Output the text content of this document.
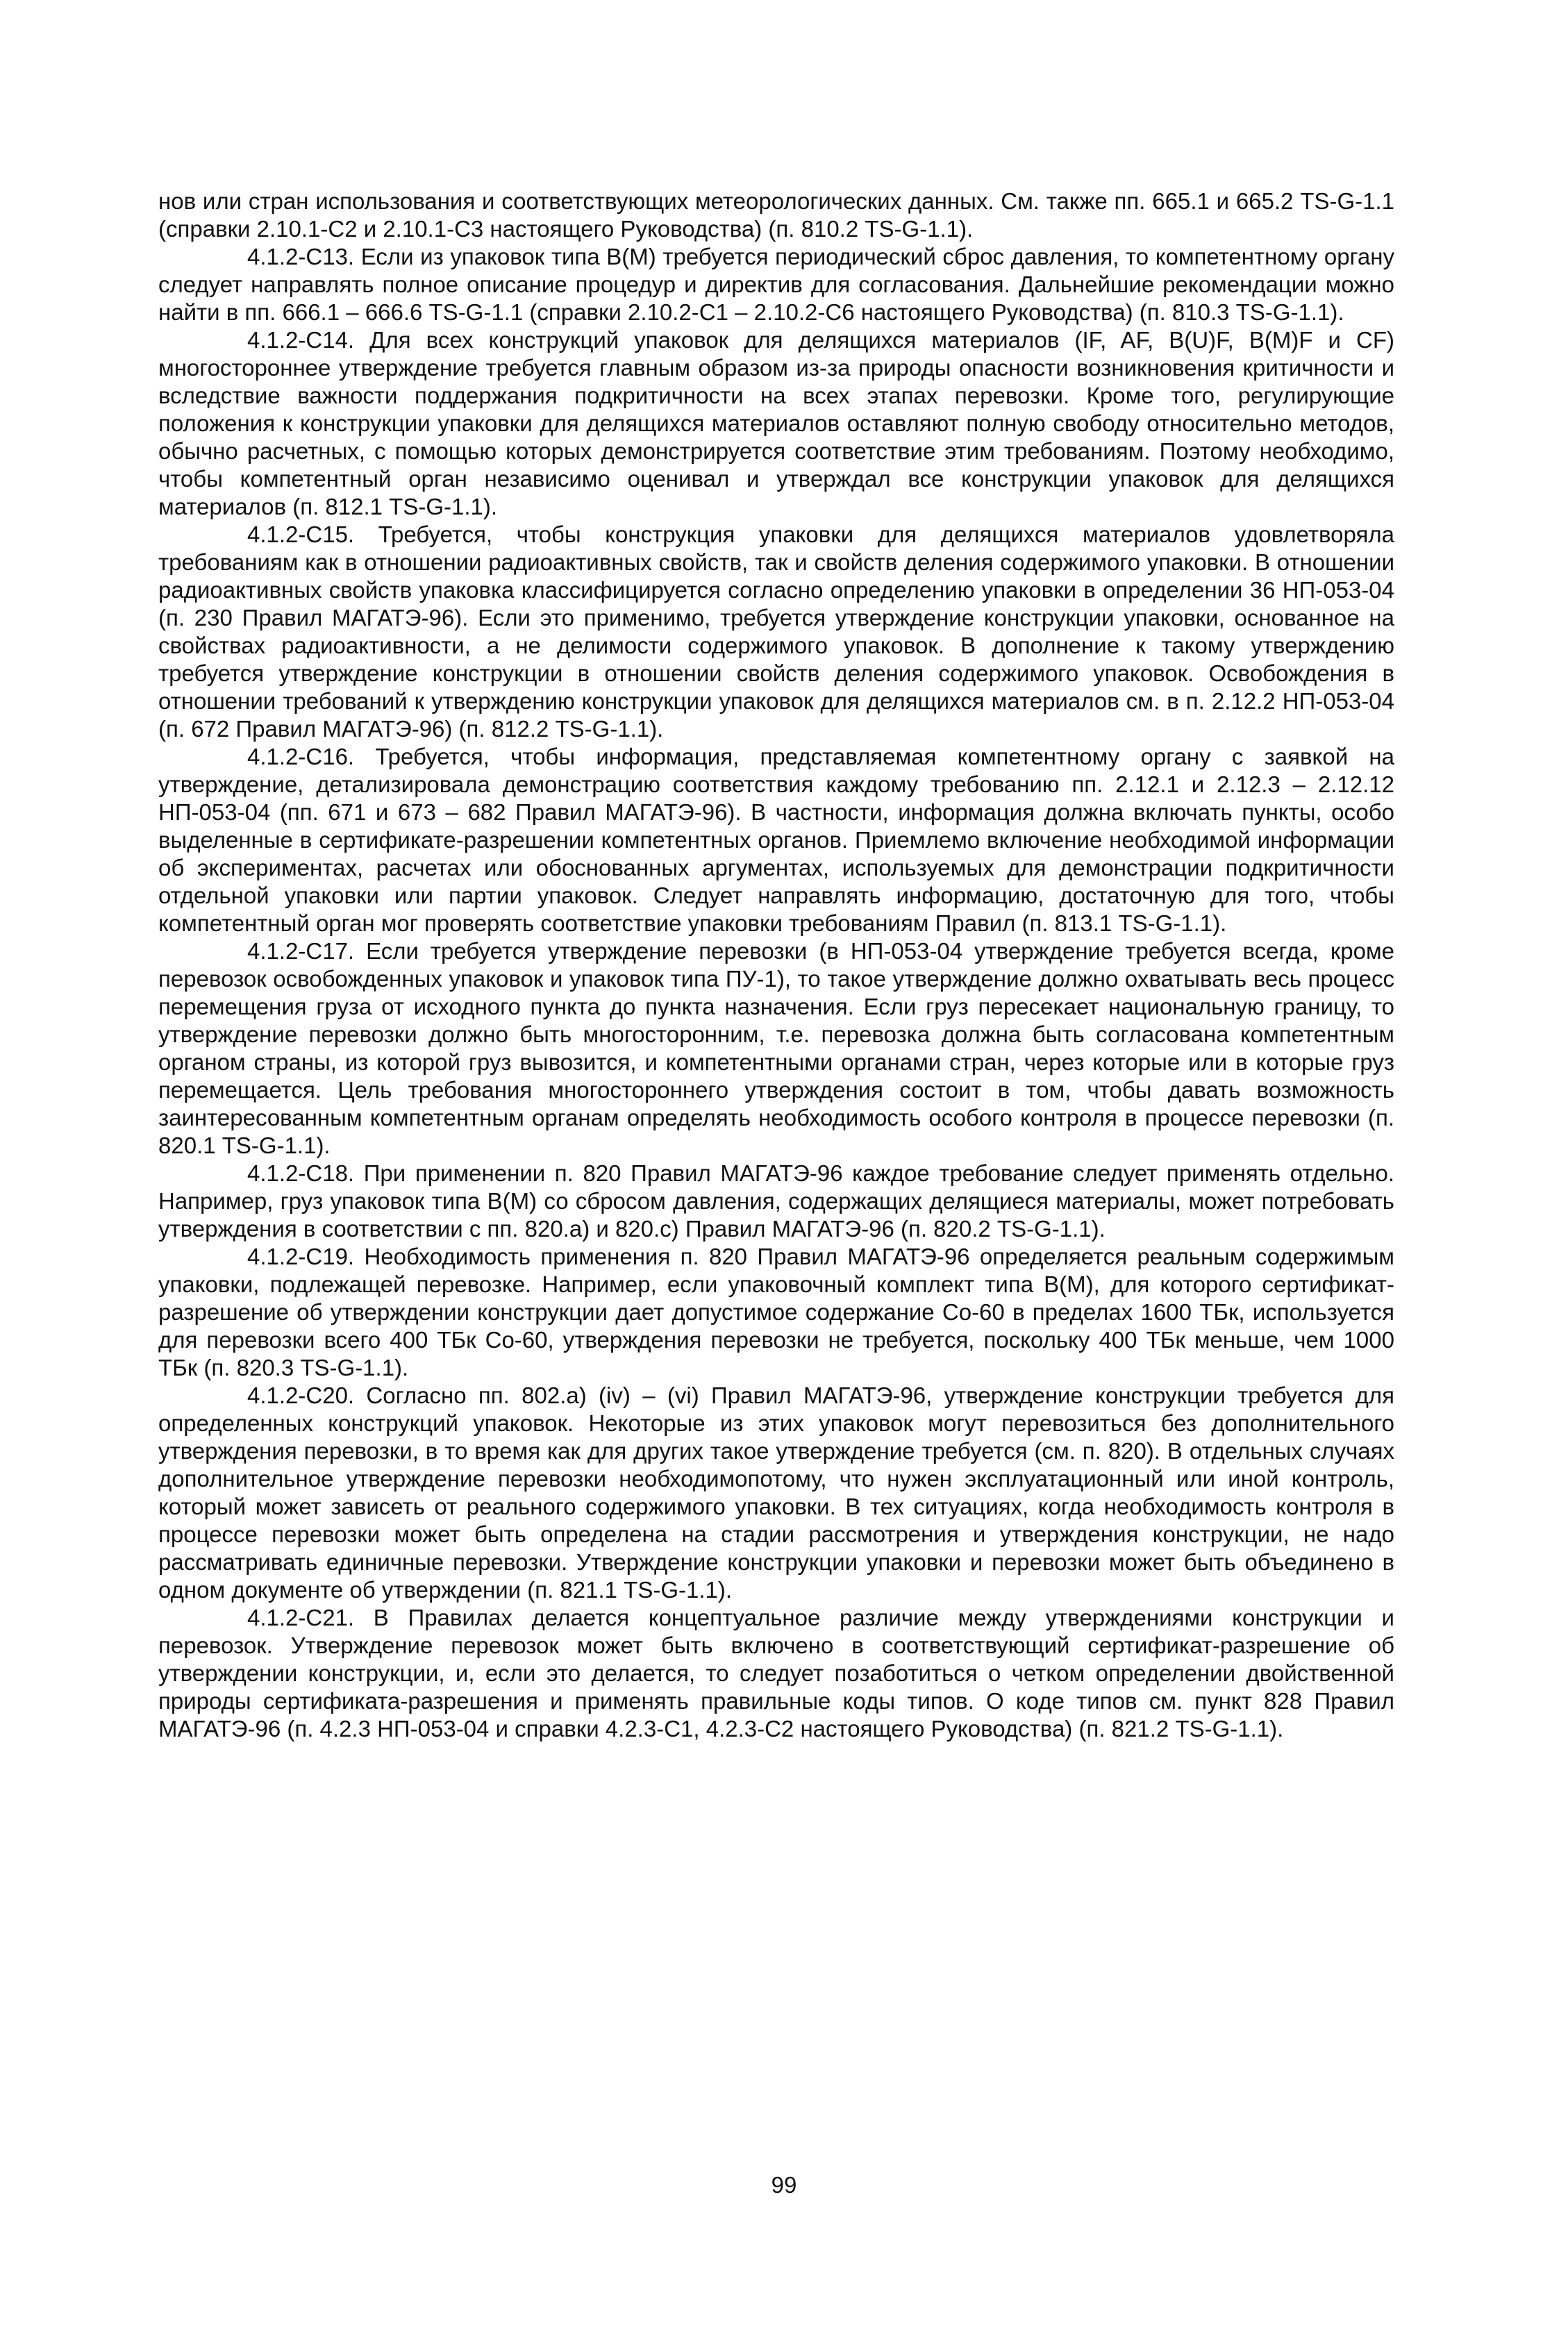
нов или стран использования и соответствующих метеорологических данных. См. также пп. 665.1 и 665.2 TS-G-1.1 (справки 2.10.1-С2 и 2.10.1-С3 настоящего Руководства) (п. 810.2 TS-G-1.1).

4.1.2-С13. Если из упаковок типа В(М) требуется периодический сброс давления, то компетентному органу следует направлять полное описание процедур и директив для согласования. Дальнейшие рекомендации можно найти в пп. 666.1 – 666.6 TS-G-1.1 (справки 2.10.2-С1 – 2.10.2-С6 настоящего Руководства) (п. 810.3 TS-G-1.1).

4.1.2-С14. Для всех конструкций упаковок для делящихся материалов (IF, AF, B(U)F, B(M)F и CF) многостороннее утверждение требуется главным образом из-за природы опасности возникновения критичности и вследствие важности поддержания подкритичности на всех этапах перевозки. Кроме того, регулирующие положения к конструкции упаковки для делящихся материалов оставляют полную свободу относительно методов, обычно расчетных, с помощью которых демонстрируется соответствие этим требованиям. Поэтому необходимо, чтобы компетентный орган независимо оценивал и утверждал все конструкции упаковок для делящихся материалов (п. 812.1 TS-G-1.1).

4.1.2-С15. Требуется, чтобы конструкция упаковки для делящихся материалов удовлетворяла требованиям как в отношении радиоактивных свойств, так и свойств деления содержимого упаковки. В отношении радиоактивных свойств упаковка классифицируется согласно определению упаковки в определении 36 НП-053-04 (п. 230 Правил МАГАТЭ-96). Если это применимо, требуется утверждение конструкции упаковки, основанное на свойствах радиоактивности, а не делимости содержимого упаковок. В дополнение к такому утверждению требуется утверждение конструкции в отношении свойств деления содержимого упаковок. Освобождения в отношении требований к утверждению конструкции упаковок для делящихся материалов см. в п. 2.12.2 НП-053-04 (п. 672 Правил МАГАТЭ-96) (п. 812.2 TS-G-1.1).

4.1.2-С16. Требуется, чтобы информация, представляемая компетентному органу с заявкой на утверждение, детализировала демонстрацию соответствия каждому требованию пп. 2.12.1 и 2.12.3 – 2.12.12 НП-053-04 (пп. 671 и 673 – 682 Правил МАГАТЭ-96). В частности, информация должна включать пункты, особо выделенные в сертификате-разрешении компетентных органов. Приемлемо включение необходимой информации об экспериментах, расчетах или обоснованных аргументах, используемых для демонстрации подкритичности отдельной упаковки или партии упаковок. Следует направлять информацию, достаточную для того, чтобы компетентный орган мог проверять соответствие упаковки требованиям Правил (п. 813.1 TS-G-1.1).

4.1.2-С17. Если требуется утверждение перевозки (в НП-053-04 утверждение требуется всегда, кроме перевозок освобожденных упаковок и упаковок типа ПУ-1), то такое утверждение должно охватывать весь процесс перемещения груза от исходного пункта до пункта назначения. Если груз пересекает национальную границу, то утверждение перевозки должно быть многосторонним, т.е. перевозка должна быть согласована компетентным органом страны, из которой груз вывозится, и компетентными органами стран, через которые или в которые груз перемещается. Цель требования многостороннего утверждения состоит в том, чтобы давать возможность заинтересованным компетентным органам определять необходимость особого контроля в процессе перевозки (п. 820.1 TS-G-1.1).

4.1.2-С18. При применении п. 820 Правил МАГАТЭ-96 каждое требование следует применять отдельно. Например, груз упаковок типа В(М) со сбросом давления, содержащих делящиеся материалы, может потребовать утверждения в соответствии с пп. 820.а) и 820.с) Правил МАГАТЭ-96 (п. 820.2 TS-G-1.1).

4.1.2-С19. Необходимость применения п. 820 Правил МАГАТЭ-96 определяется реальным содержимым упаковки, подлежащей перевозке. Например, если упаковочный комплект типа В(М), для которого сертификат-разрешение об утверждении конструкции дает допустимое содержание Со-60 в пределах 1600 ТБк, используется для перевозки всего 400 ТБк Со-60, утверждения перевозки не требуется, поскольку 400 ТБк меньше, чем 1000 ТБк (п. 820.3 TS-G-1.1).

4.1.2-С20. Согласно пп. 802.а) (iv) – (vi) Правил МАГАТЭ-96, утверждение конструкции требуется для определенных конструкций упаковок. Некоторые из этих упаковок могут перевозиться без дополнительного утверждения перевозки, в то время как для других такое утверждение требуется (см. п. 820). В отдельных случаях дополнительное утверждение перевозки необходимопотому, что нужен эксплуатационный или иной контроль, который может зависеть от реального содержимого упаковки. В тех ситуациях, когда необходимость контроля в процессе перевозки может быть определена на стадии рассмотрения и утверждения конструкции, не надо рассматривать единичные перевозки. Утверждение конструкции упаковки и перевозки может быть объединено в одном документе об утверждении (п. 821.1 TS-G-1.1).

4.1.2-С21. В Правилах делается концептуальное различие между утверждениями конструкции и перевозок. Утверждение перевозок может быть включено в соответствующий сертификат-разрешение об утверждении конструкции, и, если это делается, то следует позаботиться о четком определении двойственной природы сертификата-разрешения и применять правильные коды типов. О коде типов см. пункт 828 Правил МАГАТЭ-96 (п. 4.2.3 НП-053-04 и справки 4.2.3-С1, 4.2.3-С2 настоящего Руководства) (п. 821.2 TS-G-1.1).

99
